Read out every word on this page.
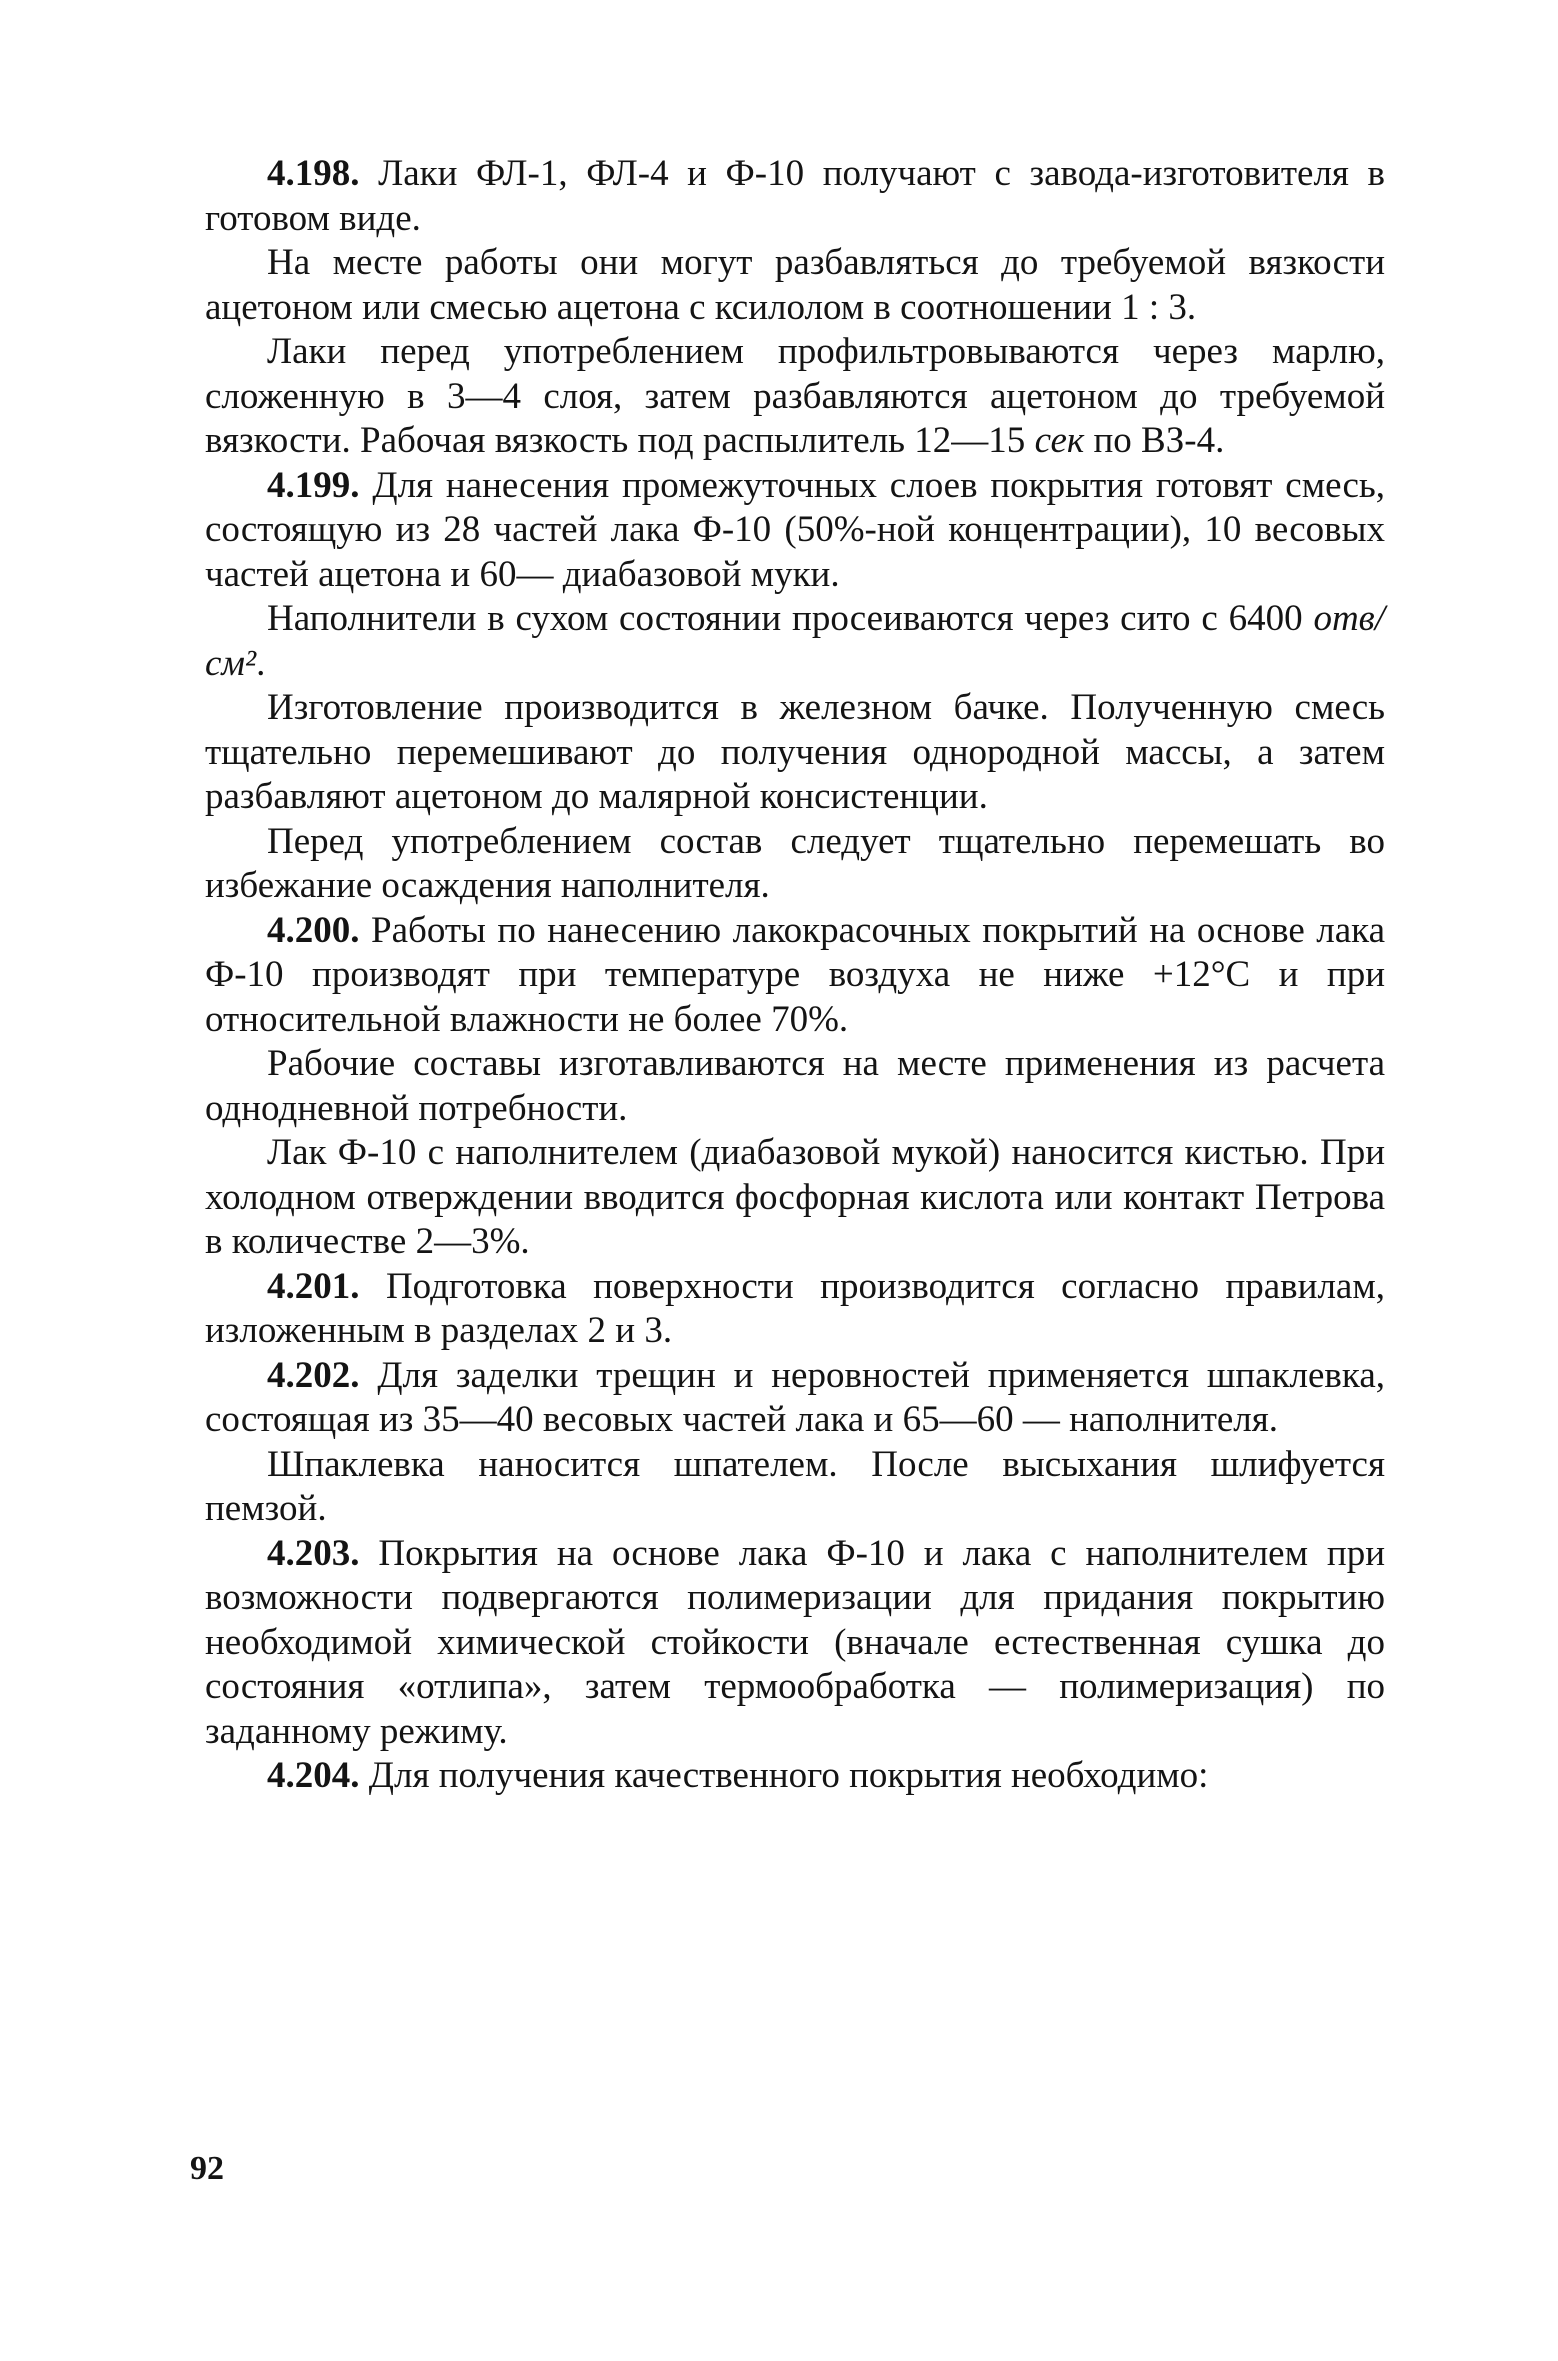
4.198. Лаки ФЛ-1, ФЛ-4 и Ф-10 получают с завода-изготовителя в готовом виде.

На месте работы они могут разбавляться до требуемой вязкости ацетоном или смесью ацетона с ксилолом в соотношении 1 : 3.

Лаки перед употреблением профильтровываются через марлю, сложенную в 3—4 слоя, затем разбавляются ацетоном до требуемой вязкости. Рабочая вязкость под распылитель 12—15 сек по ВЗ-4.

4.199. Для нанесения промежуточных слоев покрытия готовят смесь, состоящую из 28 частей лака Ф-10 (50%-ной концентрации), 10 весовых частей ацетона и 60— диабазовой муки.

Наполнители в сухом состоянии просеиваются через сито с 6400 отв/см².

Изготовление производится в железном бачке. Полученную смесь тщательно перемешивают до получения однородной массы, а затем разбавляют ацетоном до малярной консистенции.

Перед употреблением состав следует тщательно перемешать во избежание осаждения наполнителя.

4.200. Работы по нанесению лакокрасочных покрытий на основе лака Ф-10 производят при температуре воздуха не ниже +12°С и при относительной влажности не более 70%.

Рабочие составы изготавливаются на месте применения из расчета однодневной потребности.

Лак Ф-10 с наполнителем (диабазовой мукой) наносится кистью. При холодном отверждении вводится фосфорная кислота или контакт Петрова в количестве 2—3%.

4.201. Подготовка поверхности производится согласно правилам, изложенным в разделах 2 и 3.

4.202. Для заделки трещин и неровностей применяется шпаклевка, состоящая из 35—40 весовых частей лака и 65—60 — наполнителя.

Шпаклевка наносится шпателем. После высыхания шлифуется пемзой.

4.203. Покрытия на основе лака Ф-10 и лака с наполнителем при возможности подвергаются полимеризации для придания покрытию необходимой химической стойкости (вначале естественная сушка до состояния «отлипа», затем термообработка — полимеризация) по заданному режиму.

4.204. Для получения качественного покрытия необходимо:

92
